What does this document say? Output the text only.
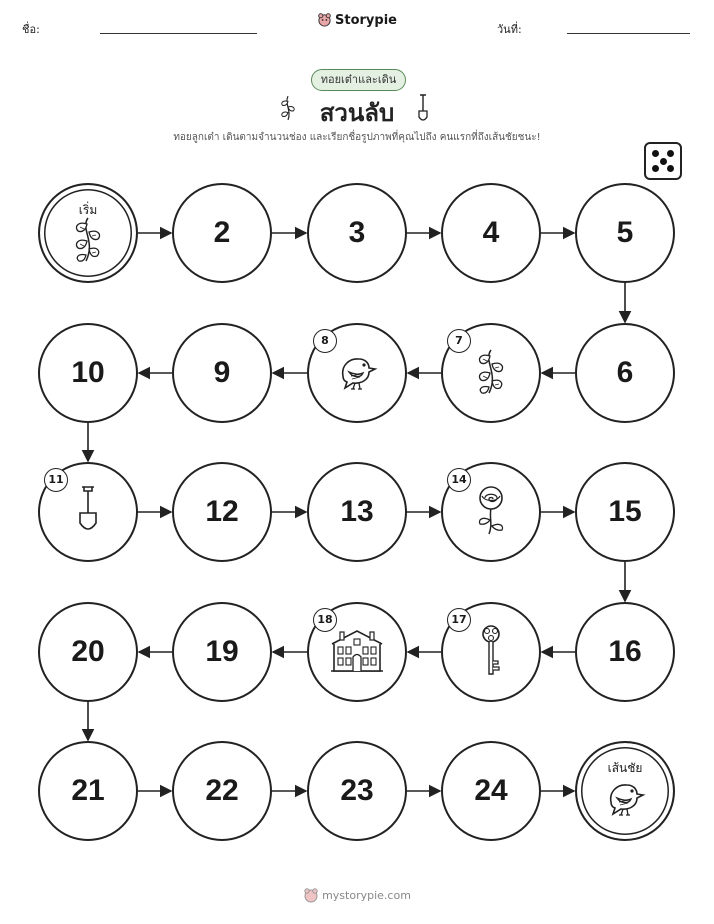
ชื่อ:
Storypie
วันที่:
ทอยเต๋าและเดิน
สวนลับ
ทอยลูกเต๋า เดินตามจำนวนช่อง และเรียกชื่อรูปภาพที่คุณไปถึง คนแรกที่ถึงเส้นชัยชนะ!
เริ่ม
2	3	4	5
6
7
8
9
10
11
12	13
14
15
16
17
18
19
20
21	22	23	24
เส้นชัย
mystorypie.com
